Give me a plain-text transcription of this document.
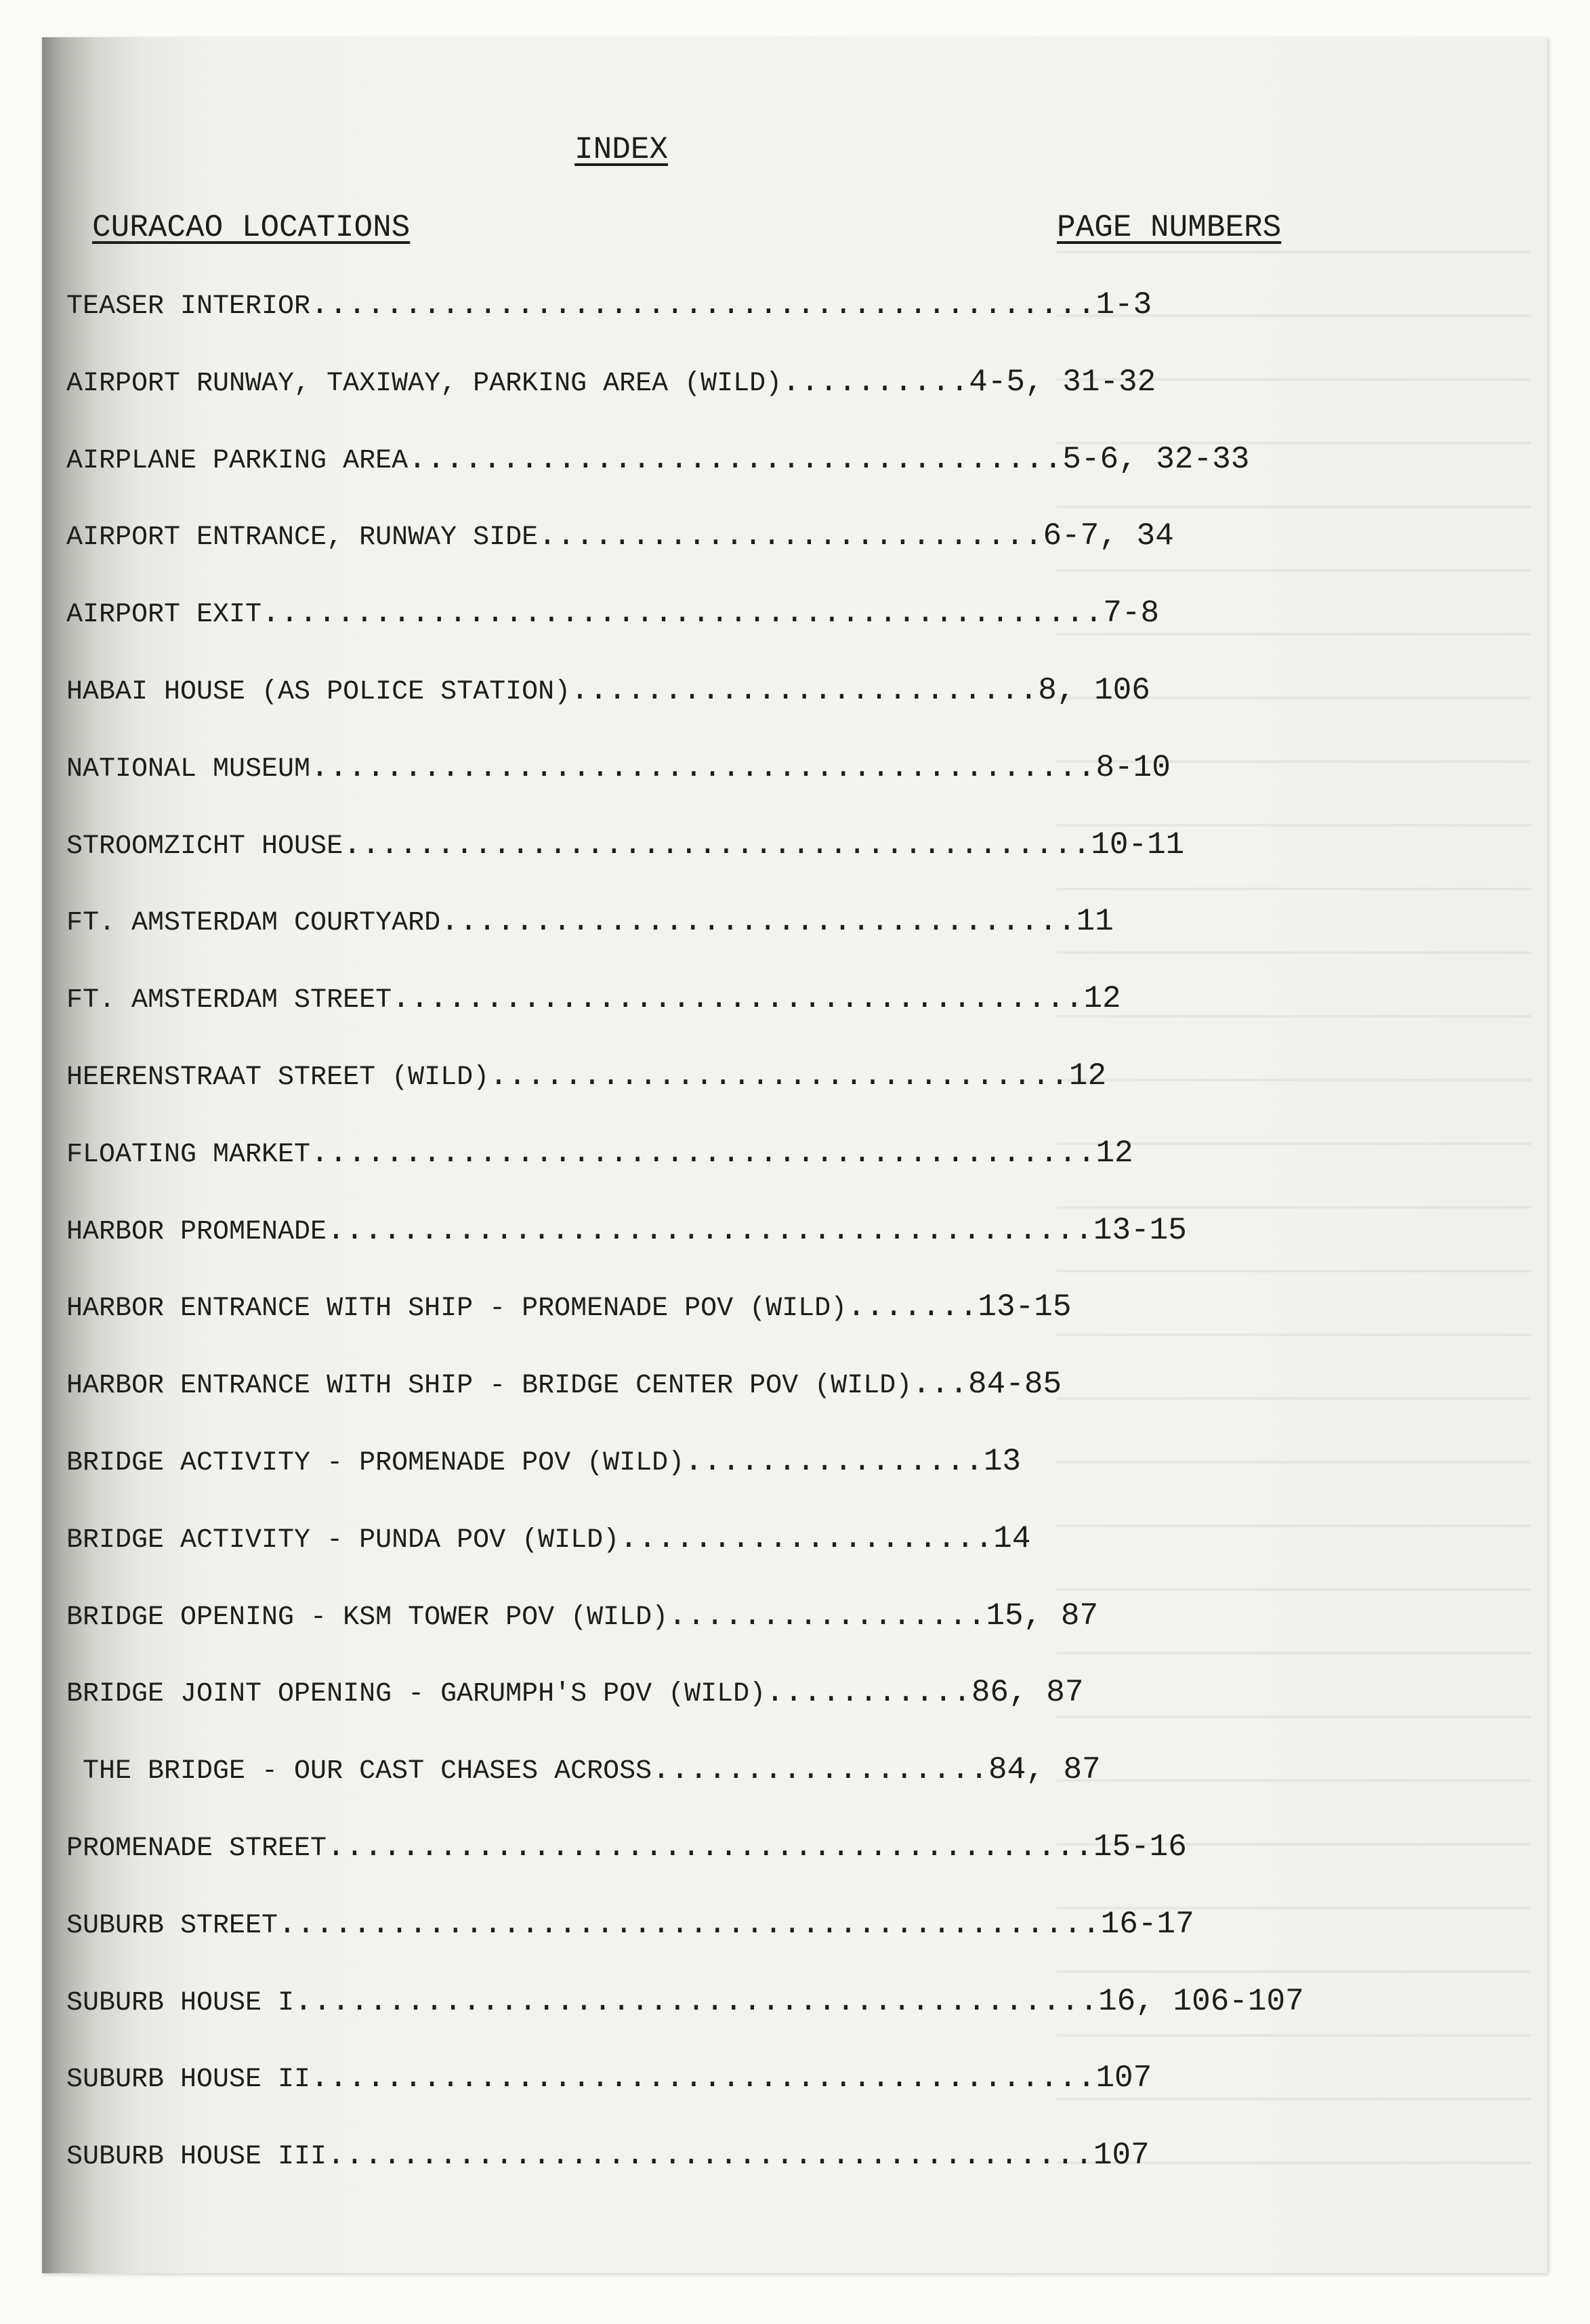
INDEX
CURACAO LOCATIONS	PAGE NUMBERS
TEASER INTERIOR..........................................1-3
AIRPORT RUNWAY, TAXIWAY, PARKING AREA (WILD)..........4-5, 31-32
AIRPLANE PARKING AREA...................................5-6, 32-33
AIRPORT ENTRANCE, RUNWAY SIDE...........................6-7, 34
AIRPORT EXIT.............................................7-8
HABAI HOUSE (AS POLICE STATION).........................8, 106
NATIONAL MUSEUM..........................................8-10
STROOMZICHT HOUSE........................................10-11
FT. AMSTERDAM COURTYARD..................................11
FT. AMSTERDAM STREET.....................................12
HEERENSTRAAT STREET (WILD)...............................12
FLOATING MARKET..........................................12
HARBOR PROMENADE.........................................13-15
HARBOR ENTRANCE WITH SHIP - PROMENADE POV (WILD).......13-15
HARBOR ENTRANCE WITH SHIP - BRIDGE CENTER POV (WILD)...84-85
BRIDGE ACTIVITY - PROMENADE POV (WILD)................13
BRIDGE ACTIVITY - PUNDA POV (WILD)....................14
BRIDGE OPENING - KSM TOWER POV (WILD).................15, 87
BRIDGE JOINT OPENING - GARUMPH'S POV (WILD)...........86, 87
THE BRIDGE - OUR CAST CHASES ACROSS..................84, 87
PROMENADE STREET.........................................15-16
SUBURB STREET............................................16-17
SUBURB HOUSE I...........................................16, 106-107
SUBURB HOUSE II..........................................107
SUBURB HOUSE III.........................................107
